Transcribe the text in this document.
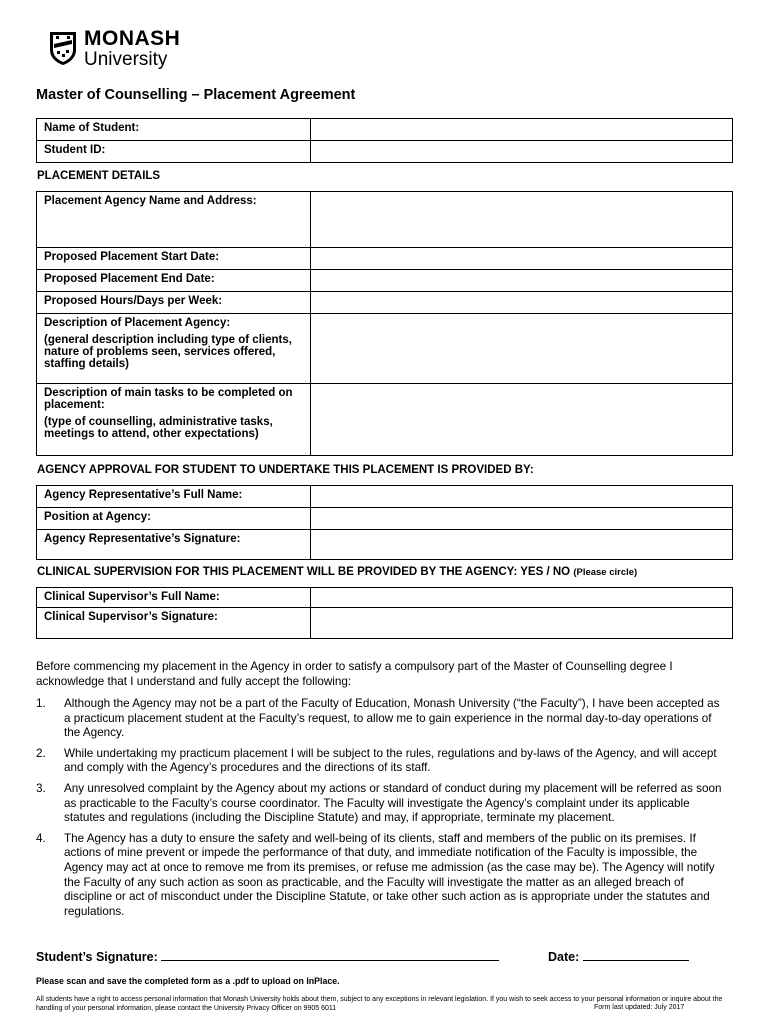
MONASH
University
Master of Counselling – Placement Agreement
Name of Student:	
Student ID:	
PLACEMENT DETAILS
Placement Agency Name and Address:	
Proposed Placement Start Date:	
Proposed Placement End Date:	
Proposed Hours/Days per Week:	

Description of Placement Agency:

(general description including type of clients, nature of problems seen, services offered, staffing details)	

Description of main tasks to be completed on placement:

(type of counselling, administrative tasks, meetings to attend, other expectations)	

AGENCY APPROVAL FOR STUDENT TO UNDERTAKE THIS PLACEMENT IS PROVIDED BY:
Agency Representative’s Full Name:	
Position at Agency:	
Agency Representative’s Signature:	
CLINICAL SUPERVISION FOR THIS PLACEMENT WILL BE PROVIDED BY THE AGENCY: YES / NO (Please circle)
Clinical Supervisor’s Full Name:	
Clinical Supervisor’s Signature:	
Before commencing my placement in the Agency in order to satisfy a compulsory part of the Master of Counselling degree I acknowledge that I understand and fully accept the following:
1. Although the Agency may not be a part of the Faculty of Education, Monash University (“the Faculty”), I have been accepted as a practicum placement student at the Faculty’s request, to allow me to gain experience in the normal day-to-day operations of the Agency.
2. While undertaking my practicum placement I will be subject to the rules, regulations and by-laws of the Agency, and will accept and comply with the Agency’s procedures and the directions of its staff.
3. Any unresolved complaint by the Agency about my actions or standard of conduct during my placement will be referred as soon as practicable to the Faculty’s course coordinator. The Faculty will investigate the Agency’s complaint under its applicable statutes and regulations (including the Discipline Statute) and may, if appropriate, terminate my placement.
4. The Agency has a duty to ensure the safety and well-being of its clients, staff and members of the public on its premises. If actions of mine prevent or impede the performance of that duty, and immediate notification of the Faculty is impossible, the Agency may act at once to remove me from its premises, or refuse me admission (as the case may be). The Agency will notify the Faculty of any such action as soon as practicable, and the Faculty will investigate the matter as an alleged breach of discipline or act of misconduct under the Discipline Statute, or take other such action as is appropriate under the statutes and regulations.
Student’s Signature:	Date:
Please scan and save the completed form as a .pdf to upload on InPlace.
All students have a right to access personal information that Monash University holds about them, subject to any exceptions in relevant legislation. If you wish to seek access to your personal information or inquire about the handling of your personal information, please contact the University Privacy Officer on 9905 6011	Form last updated: July 2017
